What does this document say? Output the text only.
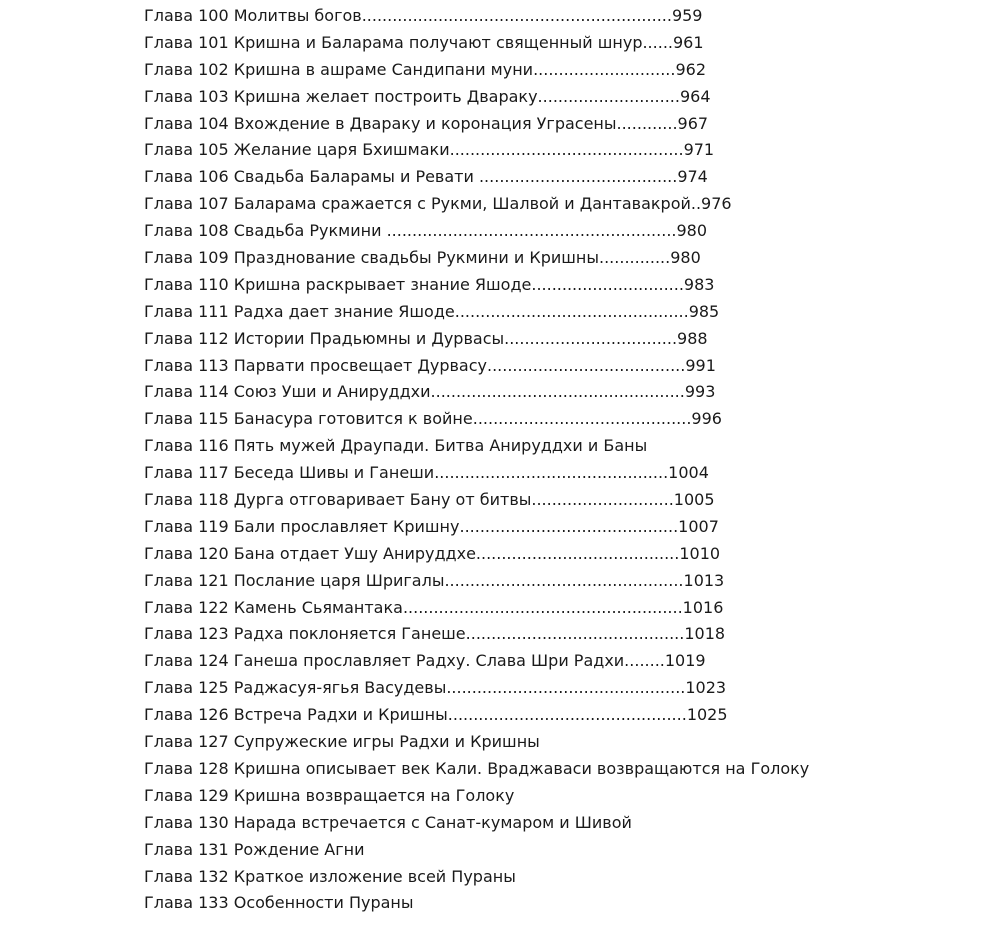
Глава 100 Молитвы богов.............................................................959
Глава 101 Кришна и Баларама получают священный шнур......961
Глава 102 Кришна в ашраме Сандипани муни............................962
Глава 103 Кришна желает построить Двараку............................964
Глава 104 Вхождение в Двараку и коронация Уграсены............967
Глава 105 Желание царя Бхишмаки..............................................971
Глава 106 Свадьба Баларамы и Ревати .......................................974
Глава 107 Баларама сражается с Рукми, Шалвой и Дантавакрой..976
Глава 108 Свадьба Рукмини .........................................................980
Глава 109 Празднование свадьбы Рукмини и Кришны..............980
Глава 110 Кришна раскрывает знание Яшоде..............................983
Глава 111 Радха дает знание Яшоде..............................................985
Глава 112 Истории Прадьюмны и Дурвасы..................................988
Глава 113 Парвати просвещает Дурвасу.......................................991
Глава 114 Союз Уши и Анируддхи..................................................993
Глава 115 Банасура готовится к войне...........................................996
Глава 116 Пять мужей Драупади. Битва Анируддхи и Баны
Глава 117 Беседа Шивы и Ганеши..............................................1004
Глава 118 Дурга отговаривает Бану от битвы............................1005
Глава 119 Бали прославляет Кришну...........................................1007
Глава 120 Бана отдает Ушу Анируддхе........................................1010
Глава 121 Послание царя Шригалы...............................................1013
Глава 122 Камень Сьямантака.......................................................1016
Глава 123 Радха поклоняется Ганеше...........................................1018
Глава 124 Ганеша прославляет Радху. Слава Шри Радхи........1019
Глава 125 Раджасуя-ягья Васудевы...............................................1023
Глава 126 Встреча Радхи и Кришны...............................................1025
Глава 127 Супружеские игры Радхи и Кришны
Глава 128 Кришна описывает век Кали. Враджаваси возвращаются на Голоку
Глава 129 Кришна возвращается на Голоку
Глава 130 Нарада встречается с Санат-кумаром и Шивой
Глава 131 Рождение Агни
Глава 132 Краткое изложение всей Пураны
Глава 133 Особенности Пураны
